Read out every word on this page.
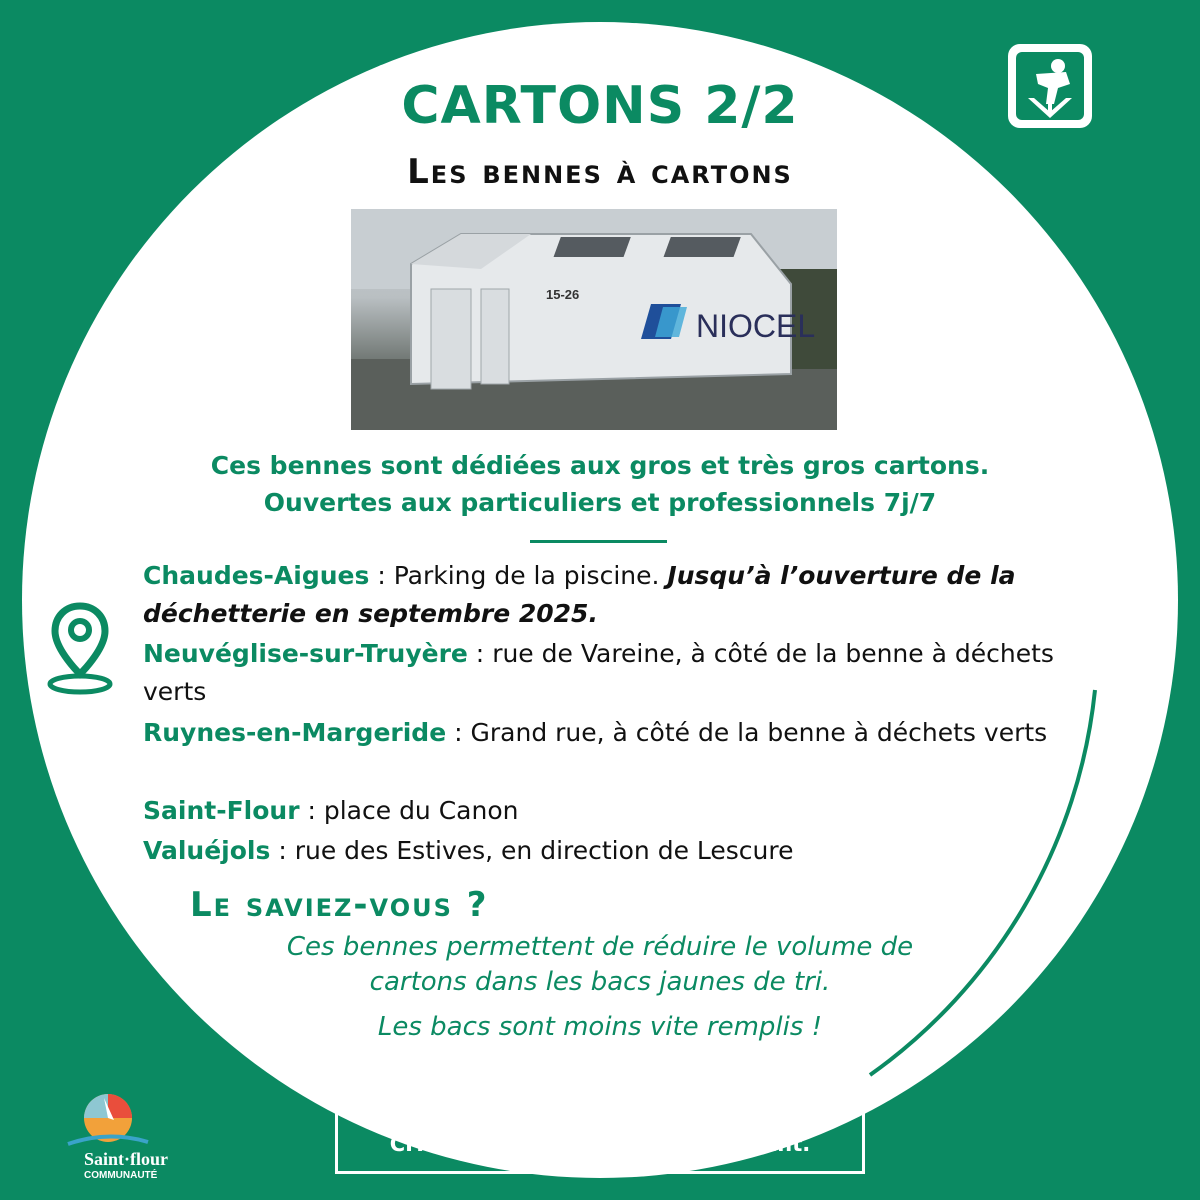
CARTONS 2/2
Les bennes à cartons
NIOCEL
15-26
Ces bennes sont dédiées aux gros et très gros cartons.
Ouvertes aux particuliers et professionnels 7j/7
Chaudes-Aigues : Parking de la piscine. Jusqu’à l’ouverture de la déchetterie en septembre 2025.
Neuvéglise-sur-Truyère : rue de Vareine, à côté de la benne à déchets verts
Ruynes-en-Margeride : Grand rue, à côté de la benne à déchets verts
Saint-Flour : place du Canon
Valuéjols : rue des Estives, en direction de Lescure
Le saviez-vous ?
Ces bennes permettent de réduire le volume de
cartons dans les bacs jaunes de tri.
Les bacs sont moins vite remplis !
Cette démarche est soutenue par
CITEO pour son caractère innovant.
Saint·flour
COMMUNAUTÉ
